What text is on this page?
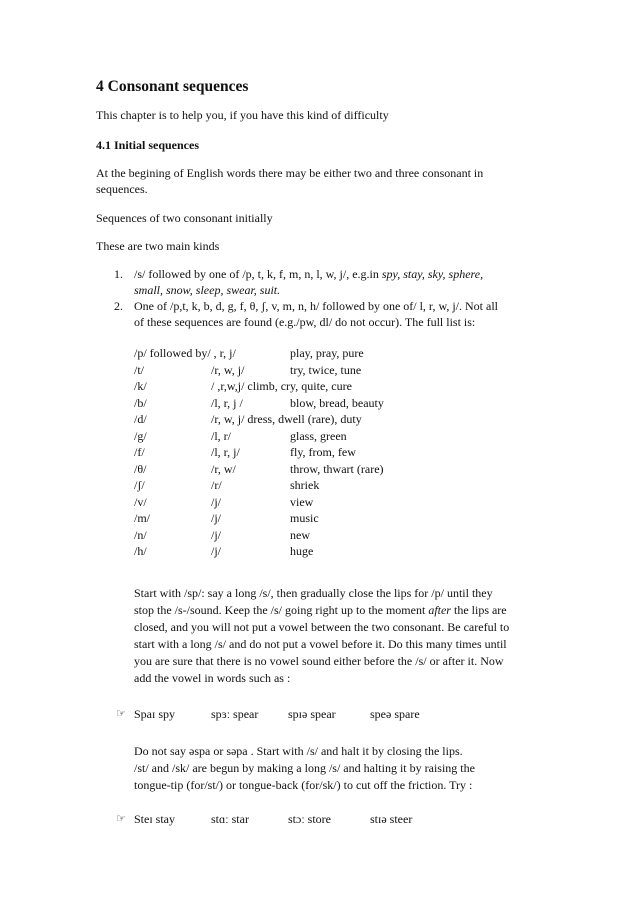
4 Consonant sequences
This chapter is to help you, if you have this kind of difficulty
4.1 Initial sequences
At the begining of English words there may be either two and three consonant in
sequences.
Sequences of two consonant initially
These are two main kinds
1. /s/ followed by one of /p, t, k, f, m, n, l, w, j/, e.g.in spy, stay, sky, sphere,
small, snow, sleep, swear, suit.
2. One of /p,t, k, b, d, g, f, θ, ʃ, v, m, n, h/ followed by one of/ l, r, w, j/. Not all
of these sequences are found (e.g./pw, dl/ do not occur). The full list is:
/p/ followed by/ , r, j/	play, pray, pure
/t/	/r, w, j/	try, twice, tune
/k/	/ ,r,w,j/ climb, cry, quite, cure
/b/	/l, r, j /	blow, bread, beauty
/d/	/r, w, j/ dress, dwell (rare), duty
/g/	/l, r/	glass, green
/f/	/l, r, j/	fly, from, few
/θ/	/r, w/	throw, thwart (rare)
/ʃ/	/r/	shriek
/v/	/j/	view
/m/	/j/	music
/n/	/j/	new
/h/	/j/	huge
Start with /sp/: say a long /s/, then gradually close the lips for /p/ until they
stop the /s-/sound. Keep the /s/ going right up to the moment after the lips are
closed, and you will not put a vowel between the two consonant. Be careful to
start with a long /s/ and do not put a vowel before it. Do this many times until
you are sure that there is no vowel sound either before the /s/ or after it. Now
add the vowel in words such as :
☞ Spaɪ spy	spɜː spear spɪə spear	speə spare
Do not say əspa or səpa . Start with /s/ and halt it by closing the lips.
/st/ and /sk/ are begun by making a long /s/ and halting it by raising the
tongue-tip (for/st/) or tongue-back (for/sk/) to cut off the friction. Try :
☞ Steɪ stay	stɑː star	stɔː store	stɪə steer
